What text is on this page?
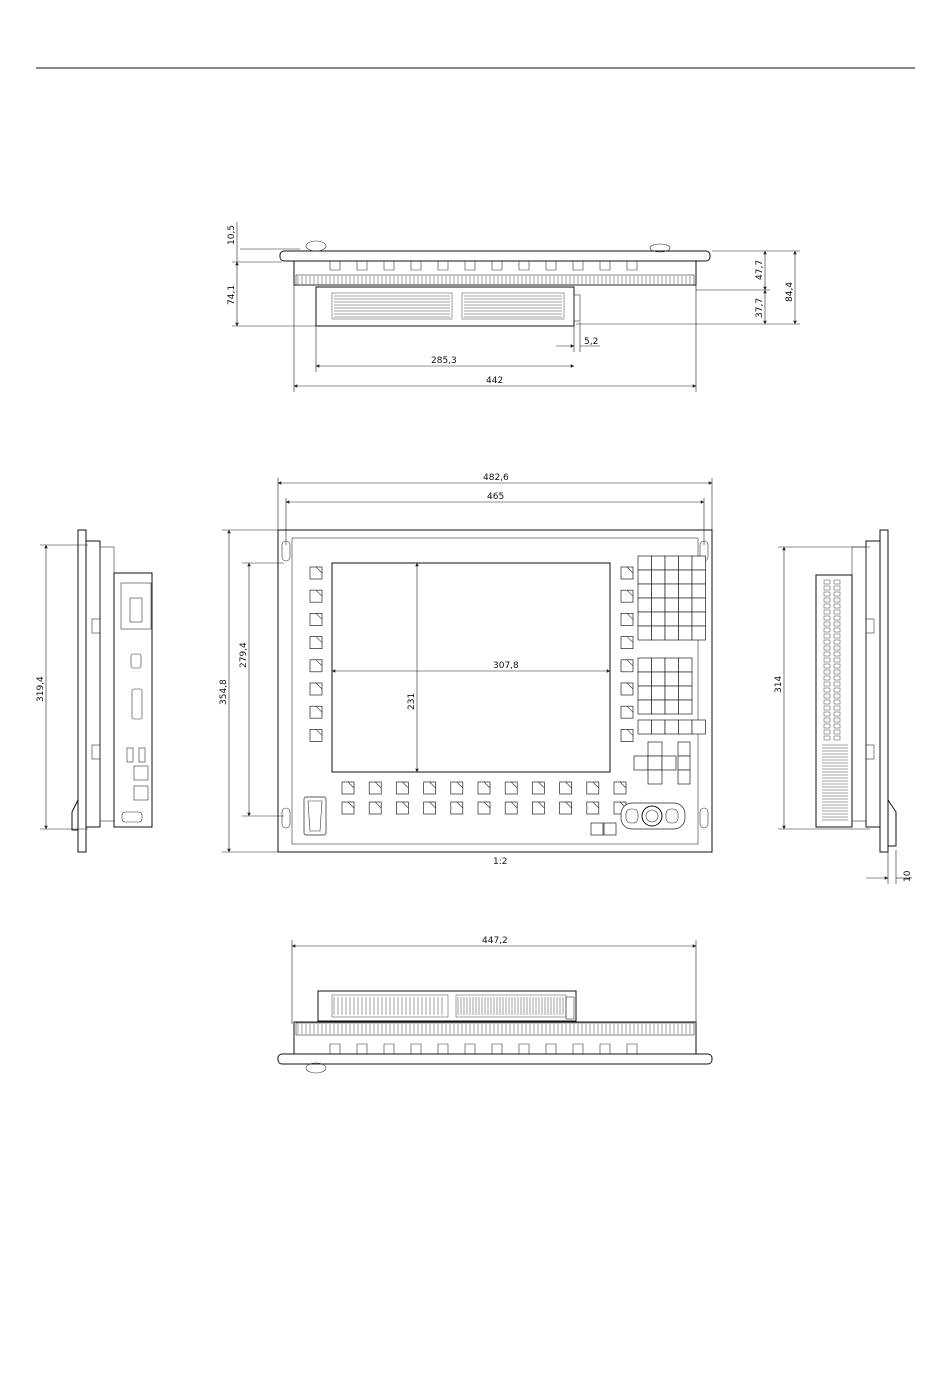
10,5
74,1
47,7
37,7
84,4
5,2
285,3
442
482,6
465
354,8
279,4	307,8
231
1:2
319,4	314
10
447,2
